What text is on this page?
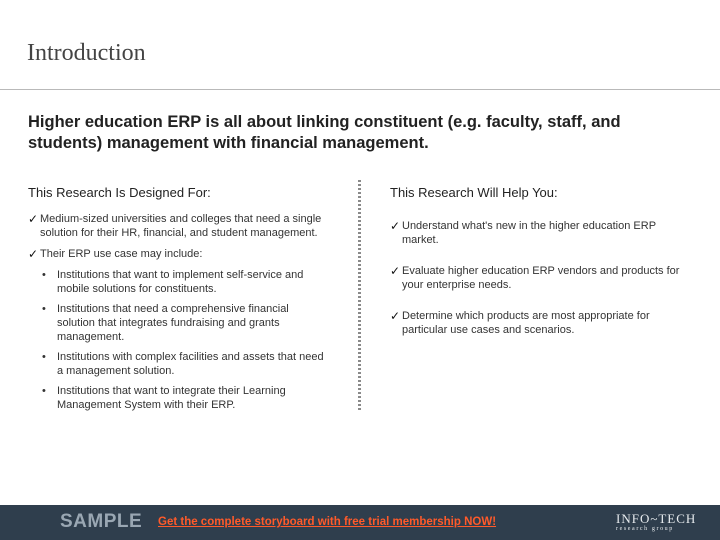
Introduction
Higher education ERP is all about linking constituent (e.g. faculty, staff, and students) management with financial management.
This Research Is Designed For:
✓ Medium-sized universities and colleges that need a single solution for their HR, financial, and student management.
✓ Their ERP use case may include:
•	Institutions that want to implement self-service and mobile solutions for constituents.
•	Institutions that need a comprehensive financial solution that integrates fundraising and grants management.
•	Institutions with complex facilities and assets that need a management solution.
•	Institutions that want to integrate their Learning Management System with their ERP.
This Research Will Help You:
✓ Understand what's new in the higher education ERP market.
✓ Evaluate higher education ERP vendors and products for your enterprise needs.
✓ Determine which products are most appropriate for particular use cases and scenarios.
SAMPLE Get the complete storyboard with free trial membership NOW!	INFO~TECH
research group
